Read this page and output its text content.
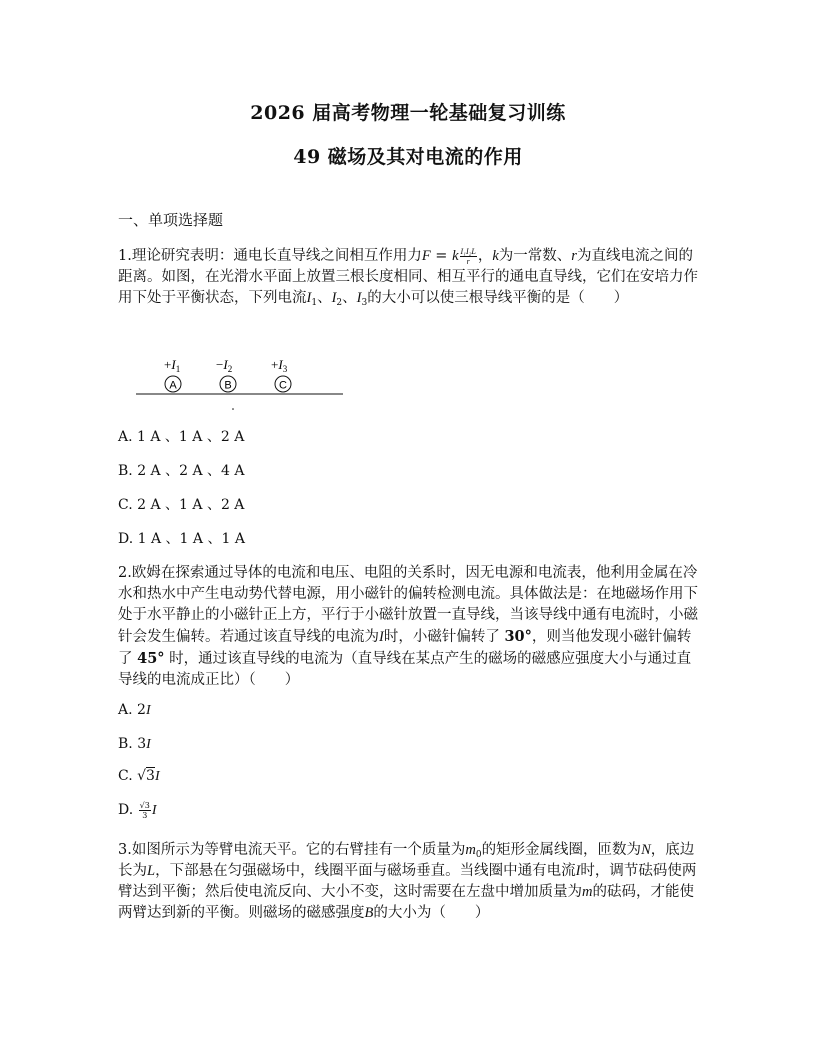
2026 届高考物理一轮基础复习训练
49 磁场及其对电流的作用

一、单项选择题

1.理论研究表明：通电长直导线之间相互作用力F = k $\frac{\text{I₁I₂L}}{r}$ ，k为一常数、r为直线电流之间的距离。如图，在光滑水平面上放置三根长度相同、相互平行的通电直导线，它们在安培力作用下处于平衡状态，下列电流$I_1$、$I_2$、$I_3$的大小可以使三根导线平衡的是（　　）

$+I_1$	$-I_2$	$+I_3$
A	B	C

A. 1 A 、1 A 、2 A

B. 2 A 、2 A 、4 A

C. 2 A 、1 A 、2 A

D. 1 A 、1 A 、1 A

2.欧姆在探索通过导体的电流和电压、电阻的关系时，因无电源和电流表，他利用金属在冷水和热水中产生电动势代替电源，用小磁针的偏转检测电流。具体做法是：在地磁场作用下处于水平静止的小磁针正上方，平行于小磁针放置一直导线，当该导线中通有电流时，小磁针会发生偏转。若通过该直导线的电流为I时，小磁针偏转了 30°，则当他发现小磁针偏转了 45° 时，通过该直导线的电流为（直导线在某点产生的磁场的磁感应强度大小与通过直导线的电流成正比）（　　）

A. 2I

B. 3I

C. √3I

D. $\frac{√3}{3}$ I

3.如图所示为等臂电流天平。它的右臂挂有一个质量为$m_0$的矩形金属线圈，匝数为N，底边长为L，下部悬在匀强磁场中，线圈平面与磁场垂直。当线圈中通有电流I时，调节砝码使两臂达到平衡；然后使电流反向、大小不变，这时需要在左盘中增加质量为m的砝码，才能使两臂达到新的平衡。则磁场的磁感强度B的大小为（　　）
